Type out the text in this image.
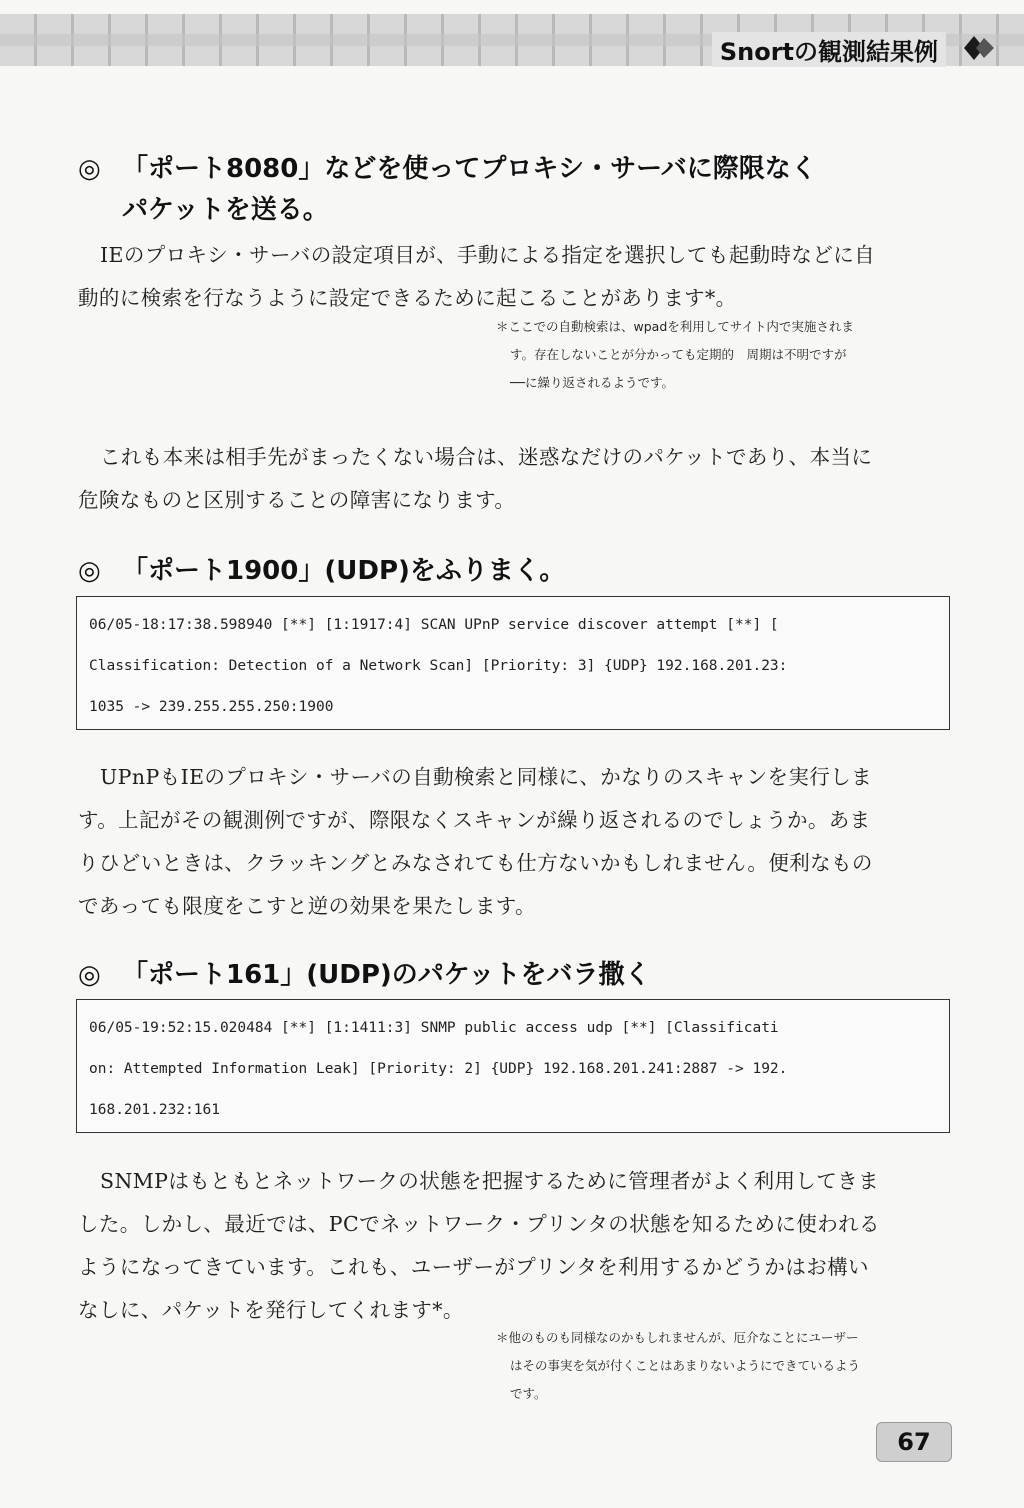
Snortの観測結果例
◎ 「ポート8080」などを使ってプロキシ・サーバに際限なく
パケットを送る。
IEのプロキシ・サーバの設定項目が、手動による指定を選択しても起動時などに自
動的に検索を行なうように設定できるために起こることがあります*。
＊ここでの自動検索は、wpadを利用してサイト内で実施されま
す。存在しないことが分かっても定期的　周期は不明ですが
──に繰り返されるようです。
これも本来は相手先がまったくない場合は、迷惑なだけのパケットであり、本当に
危険なものと区別することの障害になります。
◎ 「ポート1900」(UDP)をふりまく。
06/05-18:17:38.598940 [**] [1:1917:4] SCAN UPnP service discover attempt [**] [
Classification: Detection of a Network Scan] [Priority: 3] {UDP} 192.168.201.23:
1035 -> 239.255.255.250:1900
UPnPもIEのプロキシ・サーバの自動検索と同様に、かなりのスキャンを実行しま
す。上記がその観測例ですが、際限なくスキャンが繰り返されるのでしょうか。あま
りひどいときは、クラッキングとみなされても仕方ないかもしれません。便利なもの
であっても限度をこすと逆の効果を果たします。
◎ 「ポート161」(UDP)のパケットをバラ撒く
06/05-19:52:15.020484 [**] [1:1411:3] SNMP public access udp [**] [Classificati
on: Attempted Information Leak] [Priority: 2] {UDP} 192.168.201.241:2887 -> 192.
168.201.232:161
SNMPはもともとネットワークの状態を把握するために管理者がよく利用してきま
した。しかし、最近では、PCでネットワーク・プリンタの状態を知るために使われる
ようになってきています。これも、ユーザーがプリンタを利用するかどうかはお構い
なしに、パケットを発行してくれます*。
＊他のものも同様なのかもしれませんが、厄介なことにユーザー
はその事実を気が付くことはあまりないようにできているよう
です。
67
